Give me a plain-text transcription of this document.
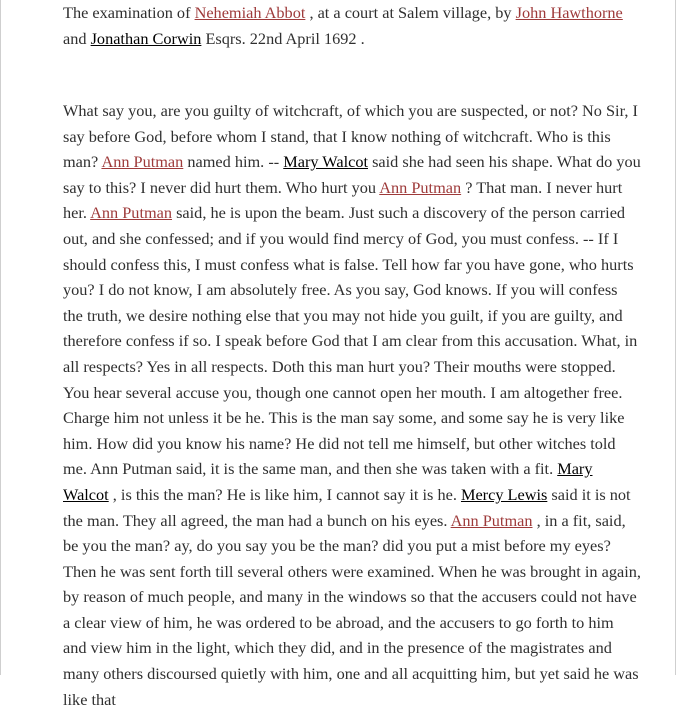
The examination of Nehemiah Abbot , at a court at Salem village, by John Hawthorne
and Jonathan Corwin Esqrs. 22nd April 1692 .

What say you, are you guilty of witchcraft, of which you are suspected, or not? No Sir, I say before God, before whom I stand, that I know nothing of witchcraft. Who is this man? Ann Putman named him. -- Mary Walcot said she had seen his shape. What do you say to this? I never did hurt them. Who hurt you Ann Putman ? That man. I never hurt her. Ann Putman said, he is upon the beam. Just such a discovery of the person carried out, and she confessed; and if you would find mercy of God, you must confess. -- If I should confess this, I must confess what is false. Tell how far you have gone, who hurts you? I do not know, I am absolutely free. As you say, God knows. If you will confess the truth, we desire nothing else that you may not hide you guilt, if you are guilty, and therefore confess if so. I speak before God that I am clear from this accusation. What, in all respects? Yes in all respects. Doth this man hurt you? Their mouths were stopped. You hear several accuse you, though one cannot open her mouth. I am altogether free. Charge him not unless it be he. This is the man say some, and some say he is very like him. How did you know his name? He did not tell me himself, but other witches told me. Ann Putman said, it is the same man, and then she was taken with a fit. Mary Walcot , is this the man? He is like him, I cannot say it is he. Mercy Lewis said it is not the man. They all agreed, the man had a bunch on his eyes. Ann Putman , in a fit, said, be you the man? ay, do you say you be the man? did you put a mist before my eyes? Then he was sent forth till several others were examined. When he was brought in again, by reason of much people, and many in the windows so that the accusers could not have a clear view of him, he was ordered to be abroad, and the accusers to go forth to him and view him in the light, which they did, and in the presence of the magistrates and many others discoursed quietly with him, one and all acquitting him, but yet said he was like that
